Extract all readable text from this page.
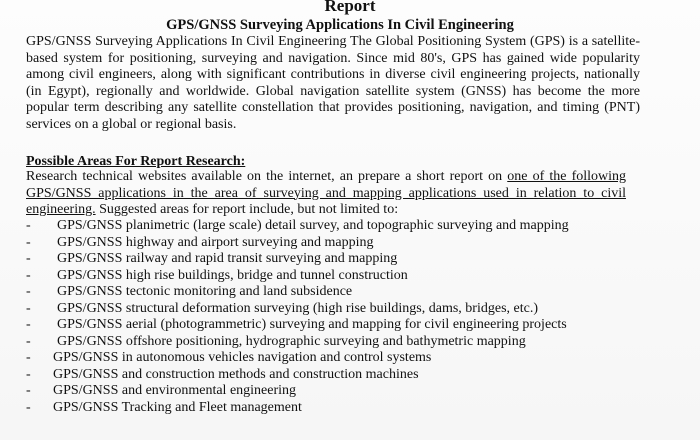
Report
GPS/GNSS Surveying Applications In Civil Engineering

GPS/GNSS Surveying Applications In Civil Engineering The Global Positioning System (GPS) is a satellite-based system for positioning, surveying and navigation. Since mid 80's, GPS has gained wide popularity among civil engineers, along with significant contributions in diverse civil engineering projects, nationally (in Egypt), regionally and worldwide. Global navigation satellite system (GNSS) has become the more popular term describing any satellite constellation that provides positioning, navigation, and timing (PNT) services on a global or regional basis.

Possible Areas For Report Research:

Research technical websites available on the internet, an prepare a short report on one of the following GPS/GNSS applications in the area of surveying and mapping applications used in relation to civil engineering. Suggested areas for report include, but not limited to:

- GPS/GNSS planimetric (large scale) detail survey, and topographic surveying and mapping
- GPS/GNSS highway and airport surveying and mapping
- GPS/GNSS railway and rapid transit surveying and mapping
- GPS/GNSS high rise buildings, bridge and tunnel construction
- GPS/GNSS tectonic monitoring and land subsidence
- GPS/GNSS structural deformation surveying (high rise buildings, dams, bridges, etc.)
- GPS/GNSS aerial (photogrammetric) surveying and mapping for civil engineering projects
- GPS/GNSS offshore positioning, hydrographic surveying and bathymetric mapping
- GPS/GNSS in autonomous vehicles navigation and control systems
- GPS/GNSS and construction methods and construction machines
- GPS/GNSS and environmental engineering
- GPS/GNSS Tracking and Fleet management
